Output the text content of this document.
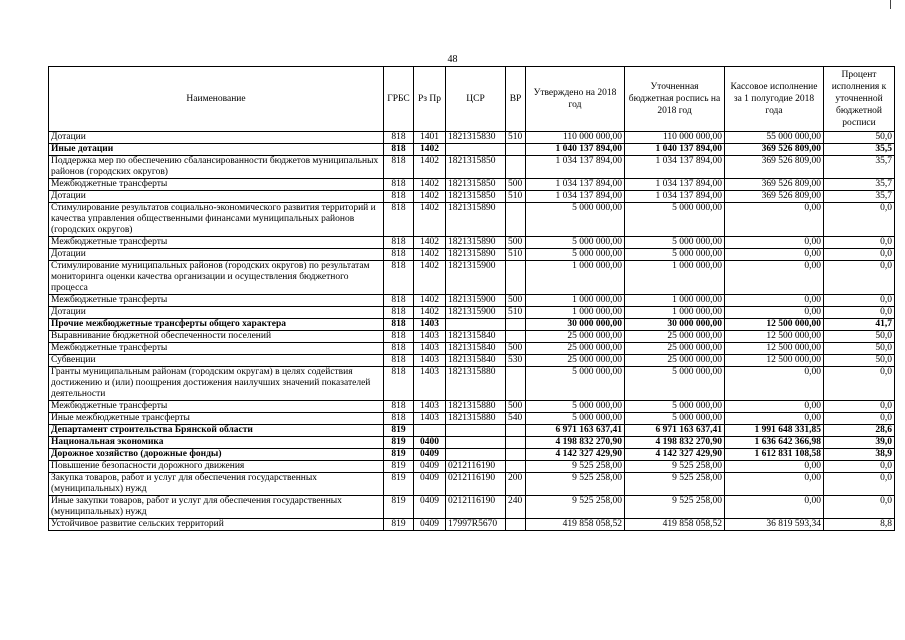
48
Наименование	ГРБС	Рз Пр	ЦСР	ВР	Утверждено на 2018 год	Уточненная бюджетная роспись на 2018 год	Кассовое исполнение за 1 полугодие 2018 года	Процент исполнения к уточненной бюджетной росписи
Дотации	818	1401	1821315830	510	110 000 000,00	110 000 000,00	55 000 000,00	50,0
Иные дотации	818	1402			1 040 137 894,00	1 040 137 894,00	369 526 809,00	35,5
Поддержка мер по обеспечению сбалансированности бюджетов муниципальных районов (городских округов)	818	1402	1821315850		1 034 137 894,00	1 034 137 894,00	369 526 809,00	35,7
Межбюджетные трансферты	818	1402	1821315850	500	1 034 137 894,00	1 034 137 894,00	369 526 809,00	35,7
Дотации	818	1402	1821315850	510	1 034 137 894,00	1 034 137 894,00	369 526 809,00	35,7
Стимулирование результатов социально-экономического развития территорий и качества управления общественными финансами муниципальных районов (городских округов)	818	1402	1821315890		5 000 000,00	5 000 000,00	0,00	0,0
Межбюджетные трансферты	818	1402	1821315890	500	5 000 000,00	5 000 000,00	0,00	0,0
Дотации	818	1402	1821315890	510	5 000 000,00	5 000 000,00	0,00	0,0
Стимулирование муниципальных районов (городских округов) по результатам мониторинга оценки качества организации и осуществления бюджетного процесса	818	1402	1821315900		1 000 000,00	1 000 000,00	0,00	0,0
Межбюджетные трансферты	818	1402	1821315900	500	1 000 000,00	1 000 000,00	0,00	0,0
Дотации	818	1402	1821315900	510	1 000 000,00	1 000 000,00	0,00	0,0
Прочие межбюджетные трансферты общего характера	818	1403			30 000 000,00	30 000 000,00	12 500 000,00	41,7
Выравнивание бюджетной обеспеченности поселений	818	1403	1821315840		25 000 000,00	25 000 000,00	12 500 000,00	50,0
Межбюджетные трансферты	818	1403	1821315840	500	25 000 000,00	25 000 000,00	12 500 000,00	50,0
Субвенции	818	1403	1821315840	530	25 000 000,00	25 000 000,00	12 500 000,00	50,0
Гранты муниципальным районам (городским округам) в целях содействия достижению и (или) поощрения достижения наилучших значений показателей деятельности	818	1403	1821315880		5 000 000,00	5 000 000,00	0,00	0,0
Межбюджетные трансферты	818	1403	1821315880	500	5 000 000,00	5 000 000,00	0,00	0,0
Иные межбюджетные трансферты	818	1403	1821315880	540	5 000 000,00	5 000 000,00	0,00	0,0
Департамент строительства Брянской области	819				6 971 163 637,41	6 971 163 637,41	1 991 648 331,85	28,6
Национальная экономика	819	0400			4 198 832 270,90	4 198 832 270,90	1 636 642 366,98	39,0
Дорожное хозяйство (дорожные фонды)	819	0409			4 142 327 429,90	4 142 327 429,90	1 612 831 108,58	38,9
Повышение безопасности дорожного движения	819	0409	0212116190		9 525 258,00	9 525 258,00	0,00	0,0
Закупка товаров, работ и услуг для обеспечения государственных (муниципальных) нужд	819	0409	0212116190	200	9 525 258,00	9 525 258,00	0,00	0,0
Иные закупки товаров, работ и услуг для обеспечения государственных (муниципальных) нужд	819	0409	0212116190	240	9 525 258,00	9 525 258,00	0,00	0,0
Устойчивое развитие сельских территорий	819	0409	17997R5670		419 858 058,52	419 858 058,52	36 819 593,34	8,8
